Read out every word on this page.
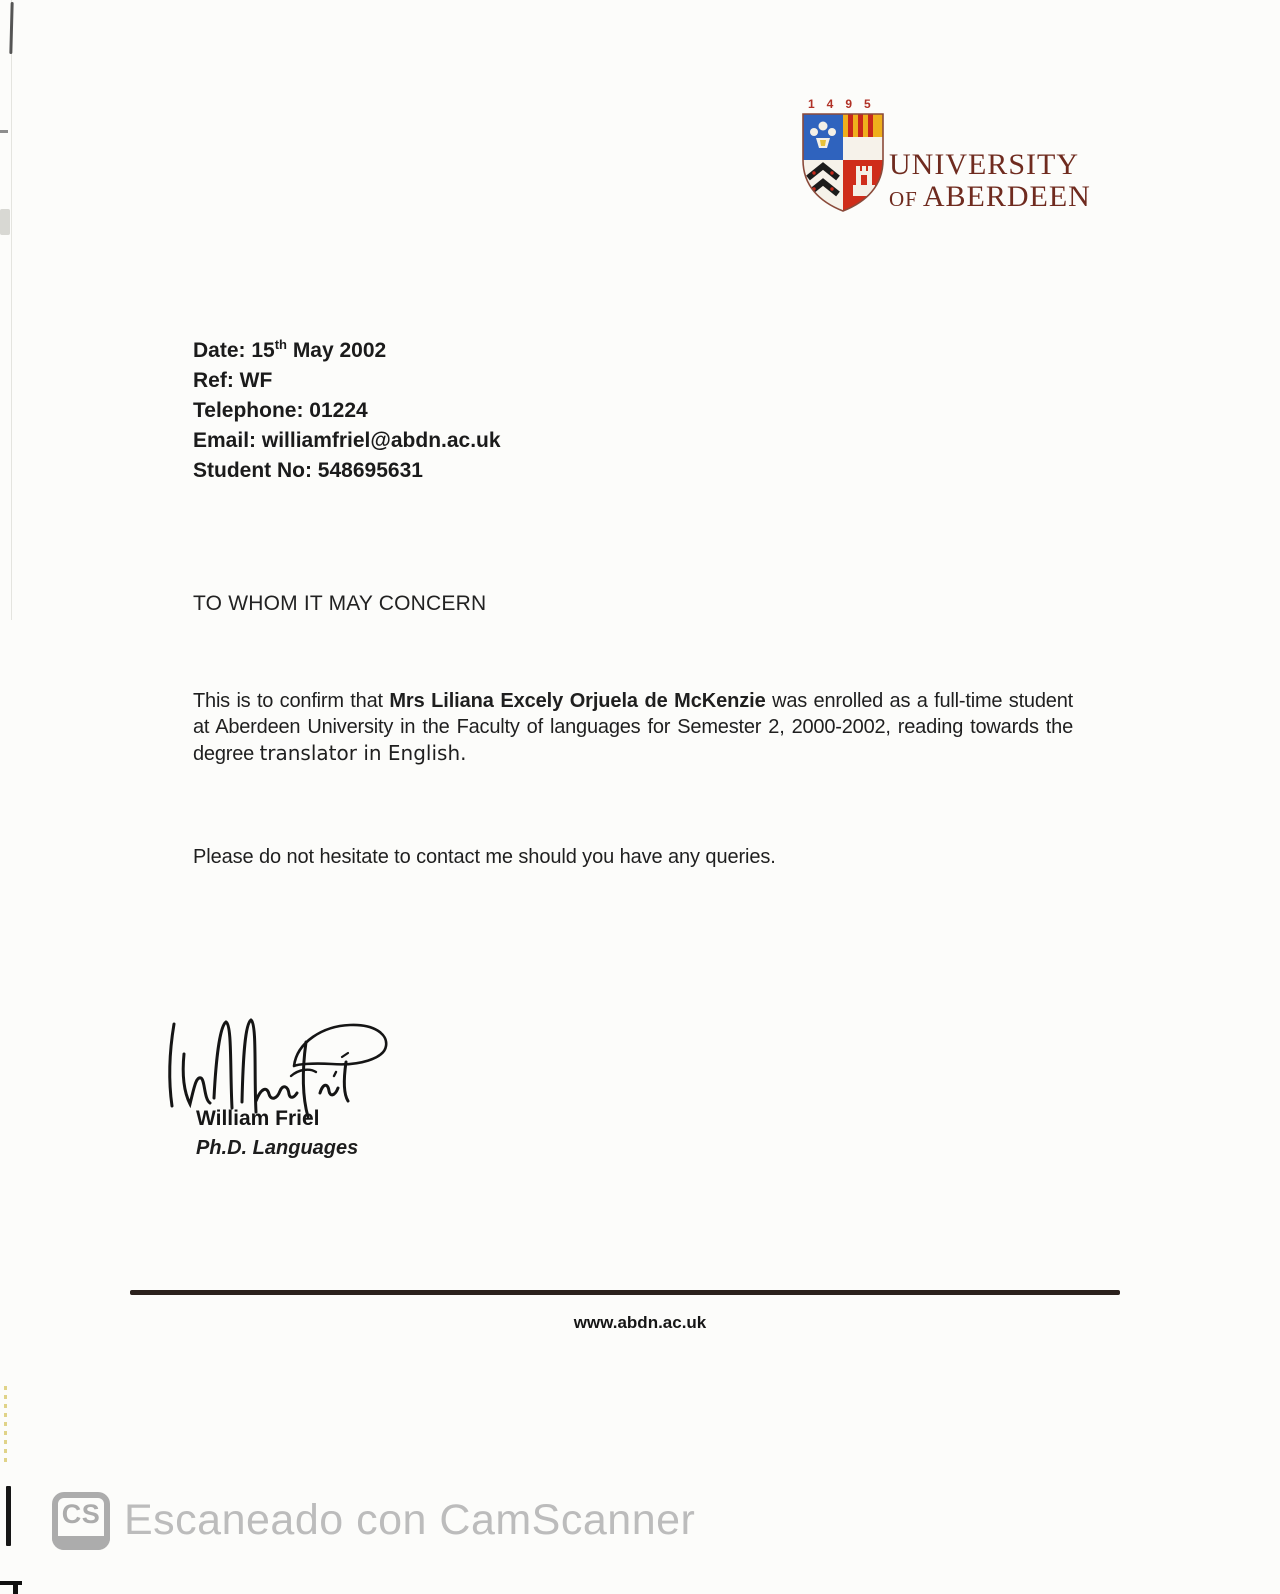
1495
UNIVERSITY
OF ABERDEEN
Date: 15th May 2002
Ref: WF
Telephone: 01224
Email: williamfriel@abdn.ac.uk
Student No: 548695631
TO WHOM IT MAY CONCERN
This is to confirm that Mrs Liliana Excely Orjuela de McKenzie was enrolled as a full-time student at Aberdeen University in the Faculty of languages for Semester 2, 2000-2002, reading towards the degree translator in English.
Please do not hesitate to contact me should you have any queries.
William Friel
Ph.D. Languages
www.abdn.ac.uk
CS Escaneado con CamScanner
